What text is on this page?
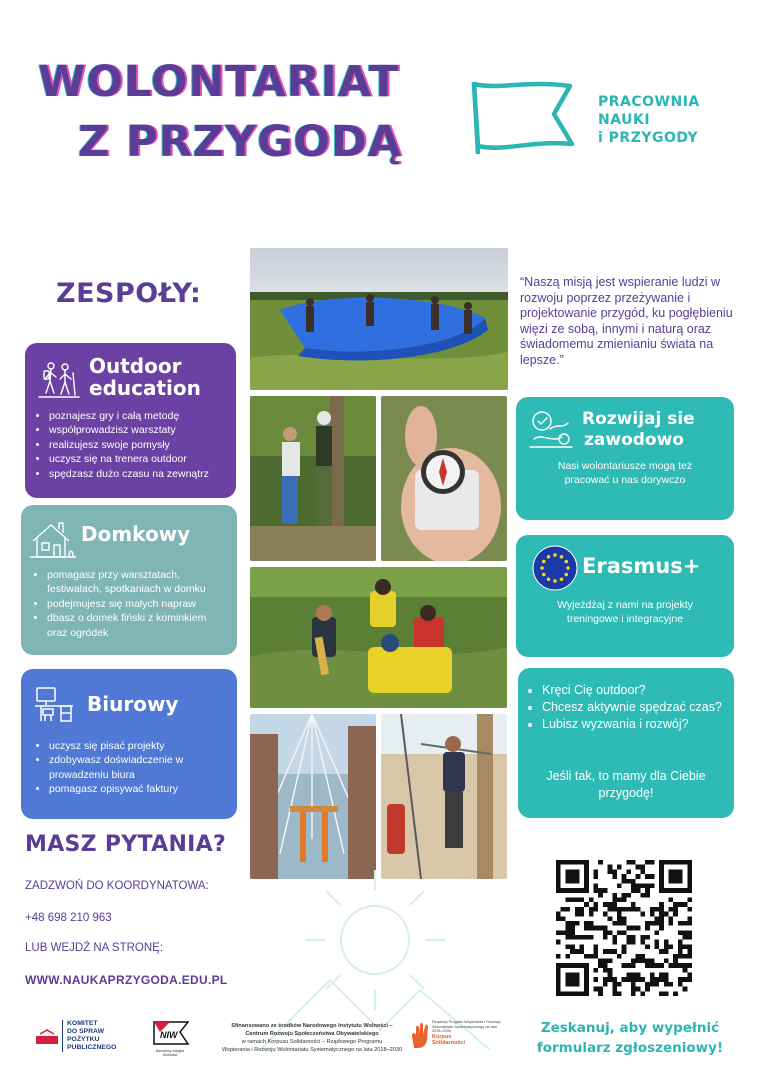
WOLONTARIAT

Z PRZYGODĄ
PRACOWNIA
NAUKI
i PRZYGODY
ZESPOŁY:
Outdoor
education
• poznajesz gry i całą metodę
• współprowadzisz warsztaty
• realizujesz swoje pomysły
• uczysz się na trenera outdoor
• spędzasz dużo czasu na zewnątrz
Domkowy
• pomagasz przy warsztatach,
festiwalach, spotkaniach w domku
• podejmujesz się małych napraw
• dbasz o domek fiński z kominkiem
oraz ogródek
Biurowy
• uczysz się pisać projekty
• zdobywasz doświadczenie w
prowadzeniu biura
• pomagasz opisywać faktury
“Naszą misją jest wspieranie ludzi w rozwoju poprzez przeżywanie i projektowanie przygód, ku pogłębieniu więzi ze sobą, innymi i naturą oraz świadomemu zmienianiu świata na lepsze.”
Rozwijaj sie
zawodowo
Nasi wolontariusze mogą też
pracować u nas dorywczo
Erasmus+
Wyjeżdżaj z nami na projekty
treningowe i integracyjne
• Kręci Cię outdoor?
• Chcesz aktywnie spędzać czas?
• Lubisz wyzwania i rozwój?
Jeśli tak, to mamy dla Ciebie
przygodę!
MASZ PYTANIA?
ZADZWOŃ DO KOORDYNATOWA:
+48 698 210 963
LUB WEJDŹ NA STRONĘ:
WWW.NAUKAPRZYGODA.EDU.PL
Zeskanuj, aby wypełnić
formularz zgłoszeniowy!
KOMITET
DO SPRAW
POŻYTKU
PUBLICZNEGO
NIW
Narodowy Instytut Wolności
Sfinansowano ze środków Narodowego Instytutu Wolności –
Centrum Rozwoju Społeczeństwa Obywatelskiego
w ramach Korpusu Solidarności – Rządowego Programu
Wspierania i Rozwoju Wolontariatu Systematycznego na lata 2018–2030
Rządowy Program Wspierania i Rozwoju Wolontariatu Systematycznego na lata 2018–2030
Korpus
Solidarności
